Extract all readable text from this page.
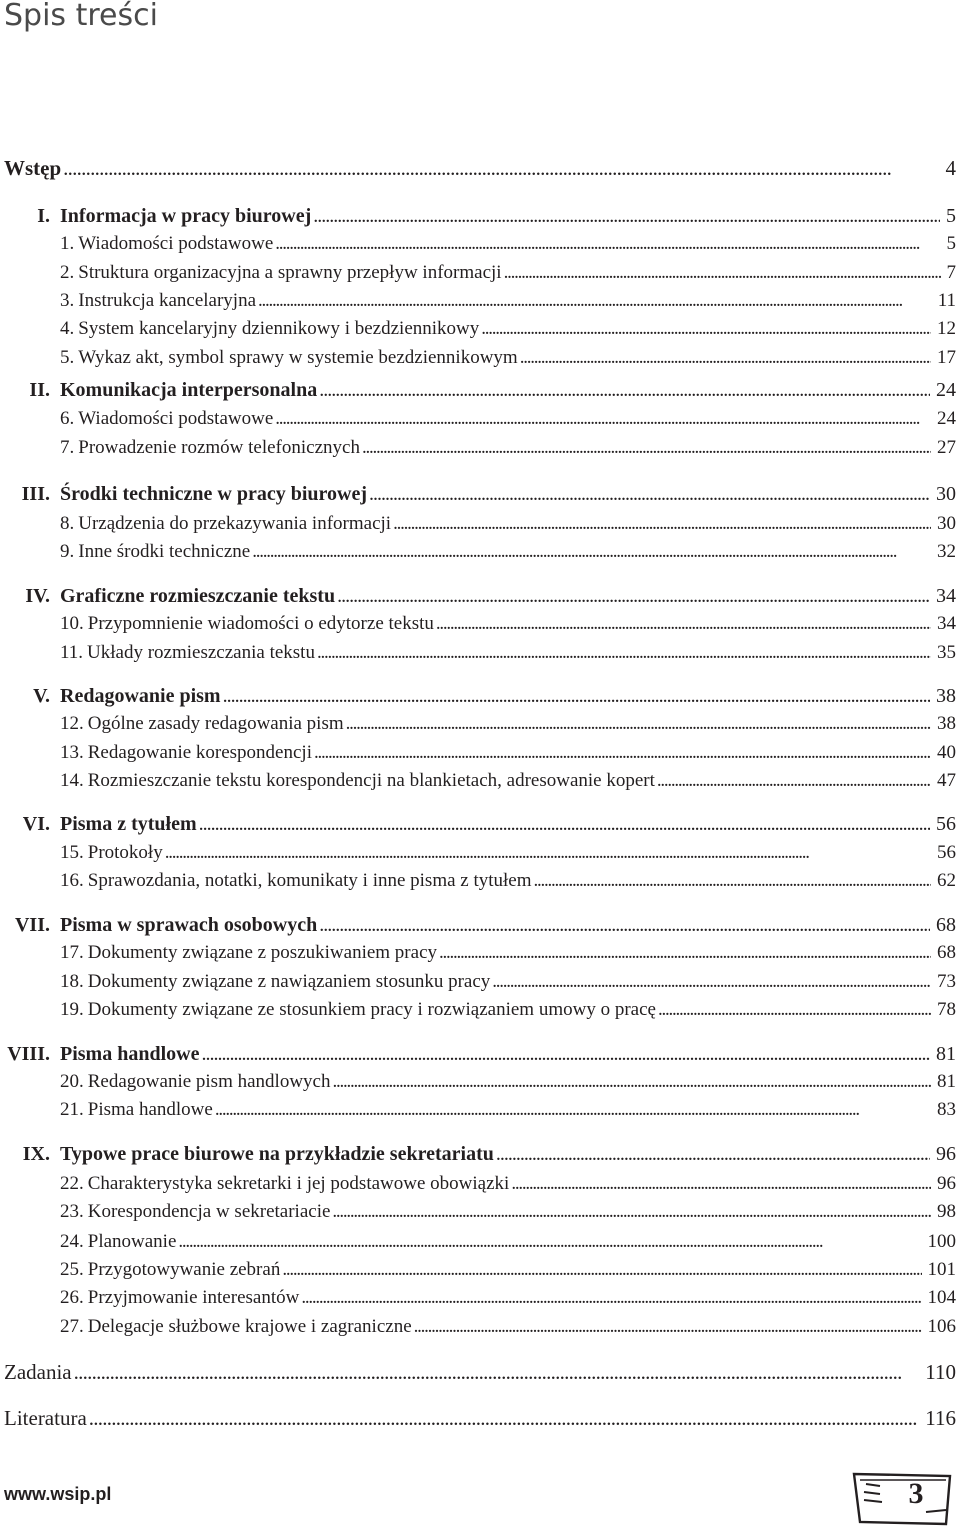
Spis treści
Wstęp . . .	4
I. Informacja w pracy biurowej . . .	5
1. Wiadomości podstawowe . . .	5
2. Struktura organizacyjna a sprawny przepływ informacji . . .	7
3. Instrukcja kancelaryjna . . .	11
4. System kancelaryjny dziennikowy i bezdziennikowy . . .	12
5. Wykaz akt, symbol sprawy w systemie bezdziennikowym . . .	17
II. Komunikacja interpersonalna . . .	24
6. Wiadomości podstawowe . . .	24
7. Prowadzenie rozmów telefonicznych . . .	27
III. Środki techniczne w pracy biurowej . . .	30
8. Urządzenia do przekazywania informacji . . .	30
9. Inne środki techniczne . . .	32
IV. Graficzne rozmieszczanie tekstu . . .	34
10. Przypomnienie wiadomości o edytorze tekstu . . .	34
11. Układy rozmieszczania tekstu . . .	35
V. Redagowanie pism . . .	38
12. Ogólne zasady redagowania pism . . .	38
13. Redagowanie korespondencji . . .	40
14. Rozmieszczanie tekstu korespondencji na blankietach, adresowanie kopert . . .	47
VI. Pisma z tytułem . . .	56
15. Protokoły . . .	56
16. Sprawozdania, notatki, komunikaty i inne pisma z tytułem . . .	62
VII. Pisma w sprawach osobowych . . .	68
17. Dokumenty związane z poszukiwaniem pracy . . .	68
18. Dokumenty związane z nawiązaniem stosunku pracy . . .	73
19. Dokumenty związane ze stosunkiem pracy i rozwiązaniem umowy o pracę . . .	78
VIII. Pisma handlowe . . .	81
20. Redagowanie pism handlowych . . .	81
21. Pisma handlowe . . .	83
IX. Typowe prace biurowe na przykładzie sekretariatu . . .	96
22. Charakterystyka sekretarki i jej podstawowe obowiązki . . .	96
23. Korespondencja w sekretariacie . . .	98
24. Planowanie . . .	100
25. Przygotowywanie zebrań . . .	101
26. Przyjmowanie interesantów . . .	104
27. Delegacje służbowe krajowe i zagraniczne . . .	106
Zadania . . .	110
Literatura . . .	116
www.wsip.pl	3
